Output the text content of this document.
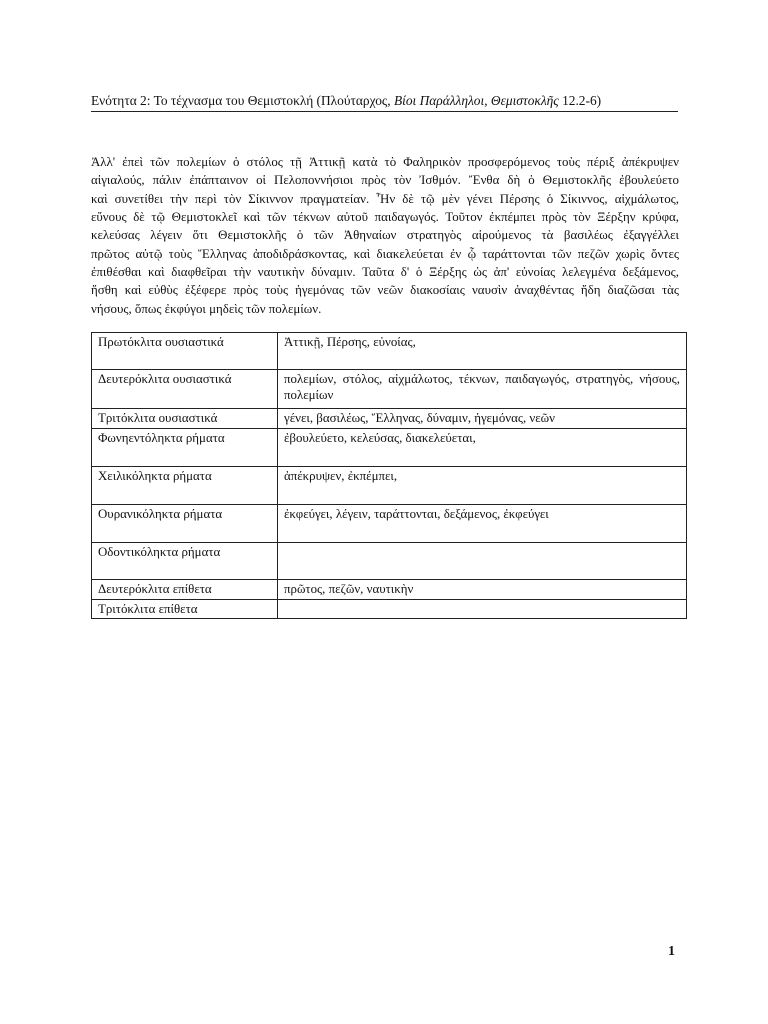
Ενότητα 2: Το τέχνασμα του Θεμιστοκλή (Πλούταρχος, Βίοι Παράλληλοι, Θεμιστοκλῆς 12.2-6)

Ἀλλ' ἐπεὶ τῶν πολεμίων ὁ στόλος τῇ Ἀττικῇ κατὰ τὸ Φαληρικὸν προσφερόμενος τοὺς πέριξ ἀπέκρυψεν
αἰγιαλούς, πάλιν ἐπάπταινον οἱ Πελοποννήσιοι πρὸς τὸν Ἰσθμόν. Ἔνθα δὴ ὁ Θεμιστοκλῆς ἐβουλεύετο
καὶ συνετίθει τὴν περὶ τὸν Σίκιννον πραγματείαν. Ἦν δὲ τῷ μὲν γένει Πέρσης ὁ Σίκιννος, αἰχμάλωτος,
εὔνους δὲ τῷ Θεμιστοκλεῖ καὶ τῶν τέκνων αὐτοῦ παιδαγωγός. Τοῦτον ἐκπέμπει πρὸς τὸν Ξέρξην κρύφα,
κελεύσας λέγειν ὅτι Θεμιστοκλῆς ὁ τῶν Ἀθηναίων στρατηγὸς αἱρούμενος τὰ βασιλέως ἐξαγγέλλει
πρῶτος αὐτῷ τοὺς Ἕλληνας ἀποδιδράσκοντας, καὶ διακελεύεται ἐν ᾧ ταράττονται τῶν πεζῶν χωρὶς ὄντες
ἐπιθέσθαι καὶ διαφθεῖραι τὴν ναυτικὴν δύναμιν. Ταῦτα δ' ὁ Ξέρξης ὡς ἀπ' εὐνοίας λελεγμένα δεξάμενος,
ἥσθη καὶ εὐθὺς ἐξέφερε πρὸς τοὺς ἡγεμόνας τῶν νεῶν διακοσίαις ναυσὶν ἀναχθέντας ἤδη διαζῶσαι τὰς
νήσους, ὅπως ἐκφύγοι μηδεὶς τῶν πολεμίων.

Πρωτόκλιτα ουσιαστικά	Ἀττικῇ, Πέρσης, εὐνοίας,
Δευτερόκλιτα ουσιαστικά	πολεμίων, στόλος, αἰχμάλωτος, τέκνων, παιδαγωγός, στρατηγὸς, νήσους, πολεμίων
Τριτόκλιτα ουσιαστικά	γένει, βασιλέως, Ἕλληνας, δύναμιν, ἡγεμόνας, νεῶν
Φωνηεντόληκτα ρήματα	ἐβουλεύετο, κελεύσας, διακελεύεται,
Χειλικόληκτα ρήματα	ἀπέκρυψεν, ἐκπέμπει,
Ουρανικόληκτα ρήματα	ἐκφεύγει, λέγειν, ταράττονται, δεξάμενος, ἐκφεύγει
Οδοντικόληκτα ρήματα	
Δευτερόκλιτα επίθετα	πρῶτος, πεζῶν, ναυτικὴν
Τριτόκλιτα επίθετα	
1
